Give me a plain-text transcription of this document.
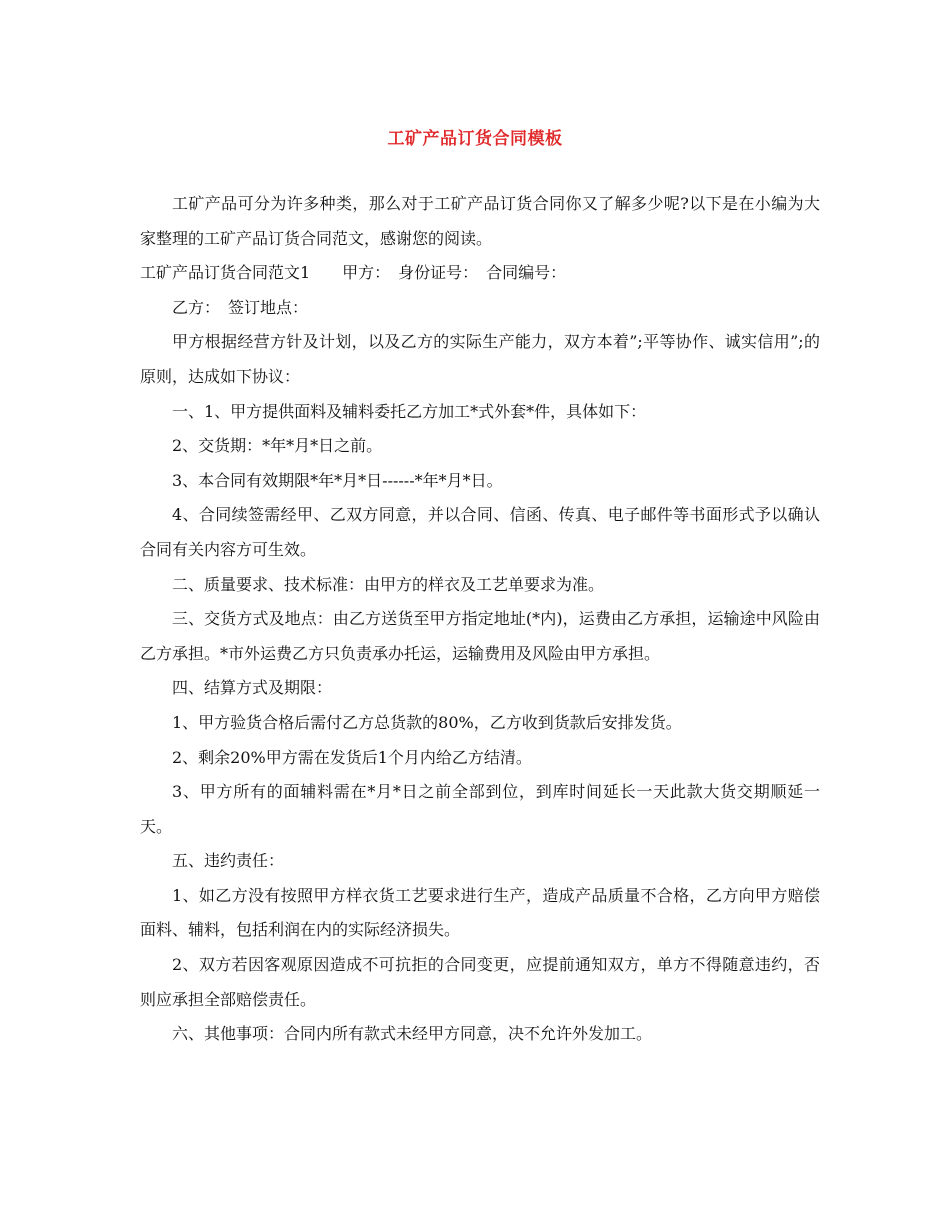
工矿产品订货合同模板

工矿产品可分为许多种类，那么对于工矿产品订货合同你又了解多少呢?以下是在小编为大家整理的工矿产品订货合同范文，感谢您的阅读。

工矿产品订货合同范文1　　甲方：　身份证号：　合同编号：

乙方：　签订地点：

甲方根据经营方针及计划，以及乙方的实际生产能力，双方本着”;平等协作、诚实信用”;的原则，达成如下协议：

一、1、甲方提供面料及辅料委托乙方加工*式外套*件，具体如下：

2、交货期：*年*月*日之前。

3、本合同有效期限*年*月*日------*年*月*日。

4、合同续签需经甲、乙双方同意，并以合同、信函、传真、电子邮件等书面形式予以确认合同有关内容方可生效。

二、质量要求、技术标准：由甲方的样衣及工艺单要求为准。

三、交货方式及地点：由乙方送货至甲方指定地址(*内)，运费由乙方承担，运输途中风险由乙方承担。*市外运费乙方只负责承办托运，运输费用及风险由甲方承担。

四、结算方式及期限：

1、甲方验货合格后需付乙方总货款的80%，乙方收到货款后安排发货。

2、剩余20%甲方需在发货后1个月内给乙方结清。

3、甲方所有的面辅料需在*月*日之前全部到位，到库时间延长一天此款大货交期顺延一天。

五、违约责任：

1、如乙方没有按照甲方样衣货工艺要求进行生产，造成产品质量不合格，乙方向甲方赔偿面料、辅料，包括利润在内的实际经济损失。

2、双方若因客观原因造成不可抗拒的合同变更，应提前通知双方，单方不得随意违约，否则应承担全部赔偿责任。

六、其他事项：合同内所有款式未经甲方同意，决不允许外发加工。
